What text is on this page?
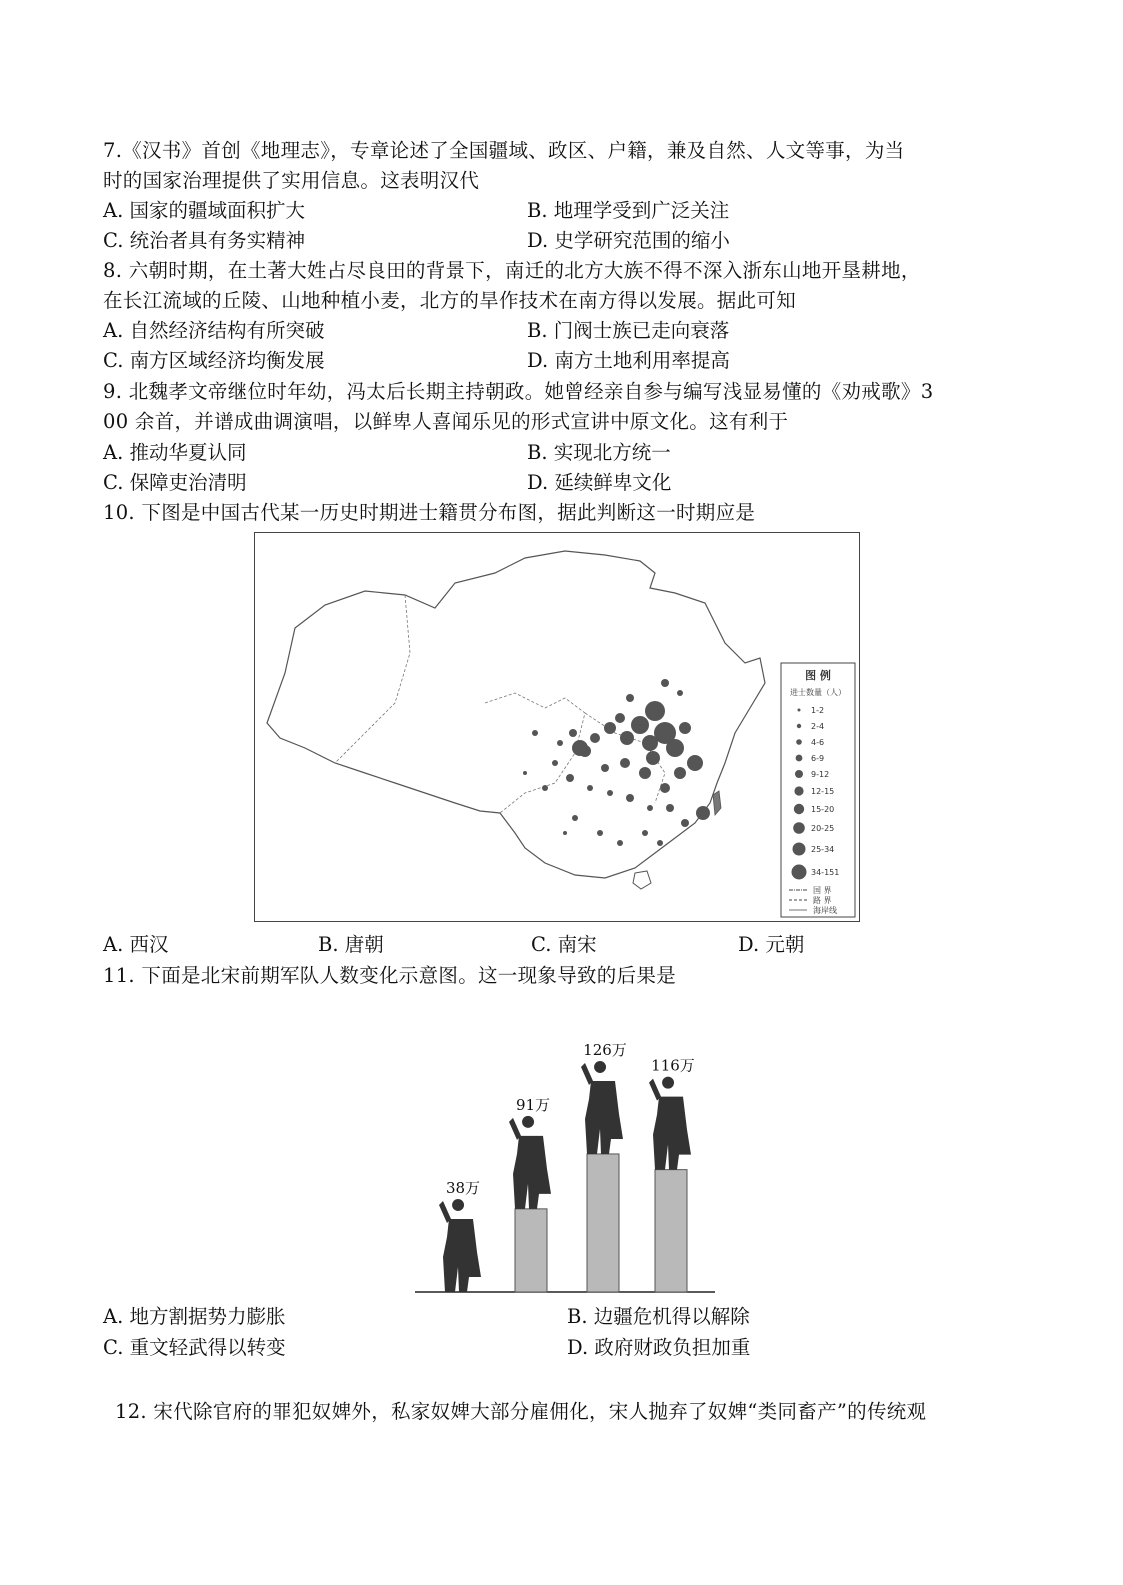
7.《汉书》首创《地理志》，专章论述了全国疆域、政区、户籍，兼及自然、人文等事，为当
时的国家治理提供了实用信息。这表明汉代
A. 国家的疆域面积扩大	B. 地理学受到广泛关注
C. 统治者具有务实精神	D. 史学研究范围的缩小
8. 六朝时期，在土著大姓占尽良田的背景下，南迁的北方大族不得不深入浙东山地开垦耕地，
在长江流域的丘陵、山地种植小麦，北方的旱作技术在南方得以发展。据此可知
A. 自然经济结构有所突破	B. 门阀士族已走向衰落
C. 南方区域经济均衡发展	D. 南方土地利用率提高
9. 北魏孝文帝继位时年幼，冯太后长期主持朝政。她曾经亲自参与编写浅显易懂的《劝戒歌》3
00 余首，并谱成曲调演唱，以鲜卑人喜闻乐见的形式宣讲中原文化。这有利于
A. 推动华夏认同	B. 实现北方统一
C. 保障吏治清明	D. 延续鲜卑文化
10. 下图是中国古代某一历史时期进士籍贯分布图，据此判断这一时期应是
图 例
进士数量（人）
1-2
2-4
4-6
6-9
9-12
12-15
15-20
20-25
25-34
34-151
国 界
路 界
海岸线
A. 西汉	B. 唐朝	C. 南宋	D. 元朝
11. 下面是北宋前期军队人数变化示意图。这一现象导致的后果是
38万
91万
126万
116万
A. 地方割据势力膨胀	B. 边疆危机得以解除
C. 重文轻武得以转变	D. 政府财政负担加重
12. 宋代除官府的罪犯奴婢外，私家奴婢大部分雇佣化，宋人抛弃了奴婢“类同畜产”的传统观
